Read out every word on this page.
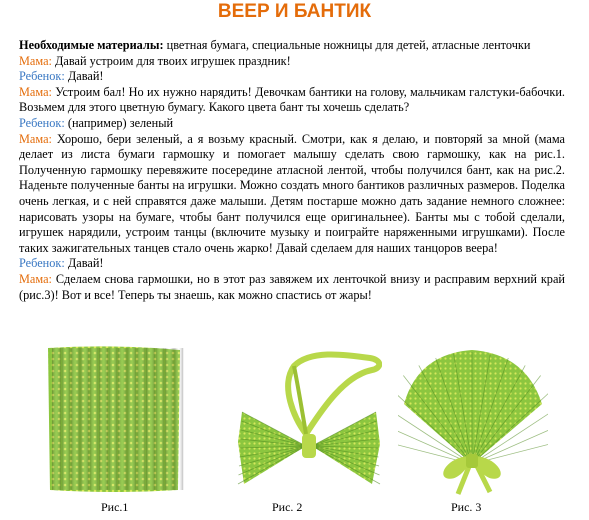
ВЕЕР И БАНТИК

Необходимые материалы: цветная бумага, специальные ножницы для детей, атласные ленточки

Мама: Давай устроим для твоих игрушек праздник!

Ребенок: Давай!

Мама: Устроим бал! Но их нужно нарядить! Девочкам бантики на голову, мальчикам галстуки-бабочки. Возьмем для этого цветную бумагу. Какого цвета бант ты хочешь сделать?

Ребенок: (например) зеленый

Мама: Хорошо, бери зеленый, а я возьму красный. Смотри, как я делаю, и повторяй за мной (мама делает из листа бумаги гармошку и помогает малышу сделать свою гармошку, как на рис.1. Полученную гармошку перевяжите посередине атласной лентой, чтобы получился бант, как на рис.2. Наденьте полученные банты на игрушки. Можно создать много бантиков различных размеров. Поделка очень легкая, и с ней справятся даже малыши. Детям постарше можно дать задание немного сложнее: нарисовать узоры на бумаге, чтобы бант получился еще оригинальнее). Банты мы с тобой сделали, игрушек нарядили, устроим танцы (включите музыку и поиграйте наряженными игрушками). После таких зажигательных танцев стало очень жарко! Давай сделаем для наших танцоров веера!

Ребенок: Давай!

Мама: Сделаем снова гармошки, но в этот раз завяжем их ленточкой внизу и расправим верхний край (рис.3)! Вот и все! Теперь ты знаешь, как можно спастись от жары!

Рис.1	Рис. 2	Рис. 3
